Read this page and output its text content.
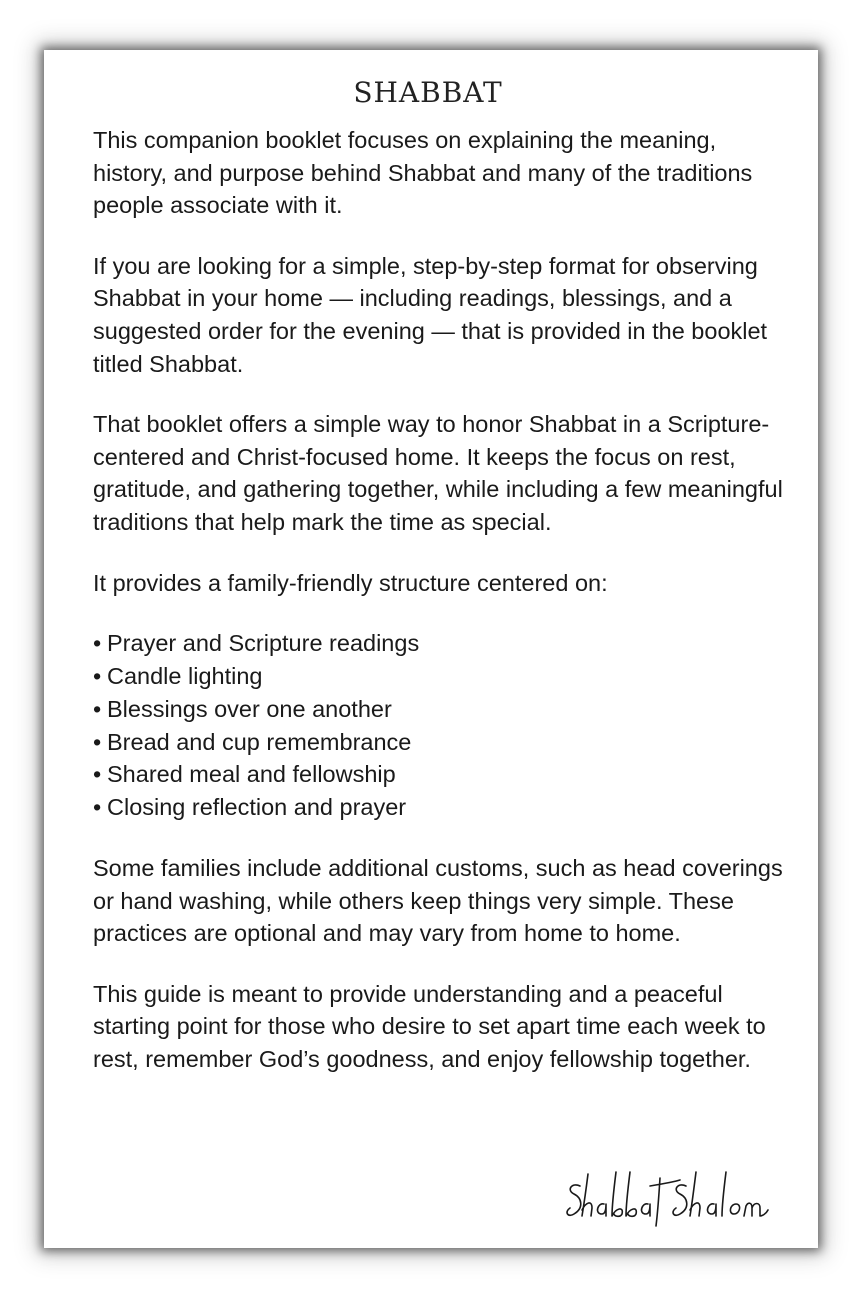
SHABBAT

This companion booklet focuses on explaining the meaning, history, and purpose behind Shabbat and many of the traditions people associate with it.

If you are looking for a simple, step-by-step format for observing Shabbat in your home — including readings, blessings, and a suggested order for the evening — that is provided in the booklet titled Shabbat.

That booklet offers a simple way to honor Shabbat in a Scripture-centered and Christ-focused home. It keeps the focus on rest, gratitude, and gathering together, while including a few meaningful traditions that help mark the time as special.

It provides a family-friendly structure centered on:

• Prayer and Scripture readings
• Candle lighting
• Blessings over one another
• Bread and cup remembrance
• Shared meal and fellowship
• Closing reflection and prayer

Some families include additional customs, such as head coverings or hand washing, while others keep things very simple. These practices are optional and may vary from home to home.

This guide is meant to provide understanding and a peaceful starting point for those who desire to set apart time each week to rest, remember God’s goodness, and enjoy fellowship together.
